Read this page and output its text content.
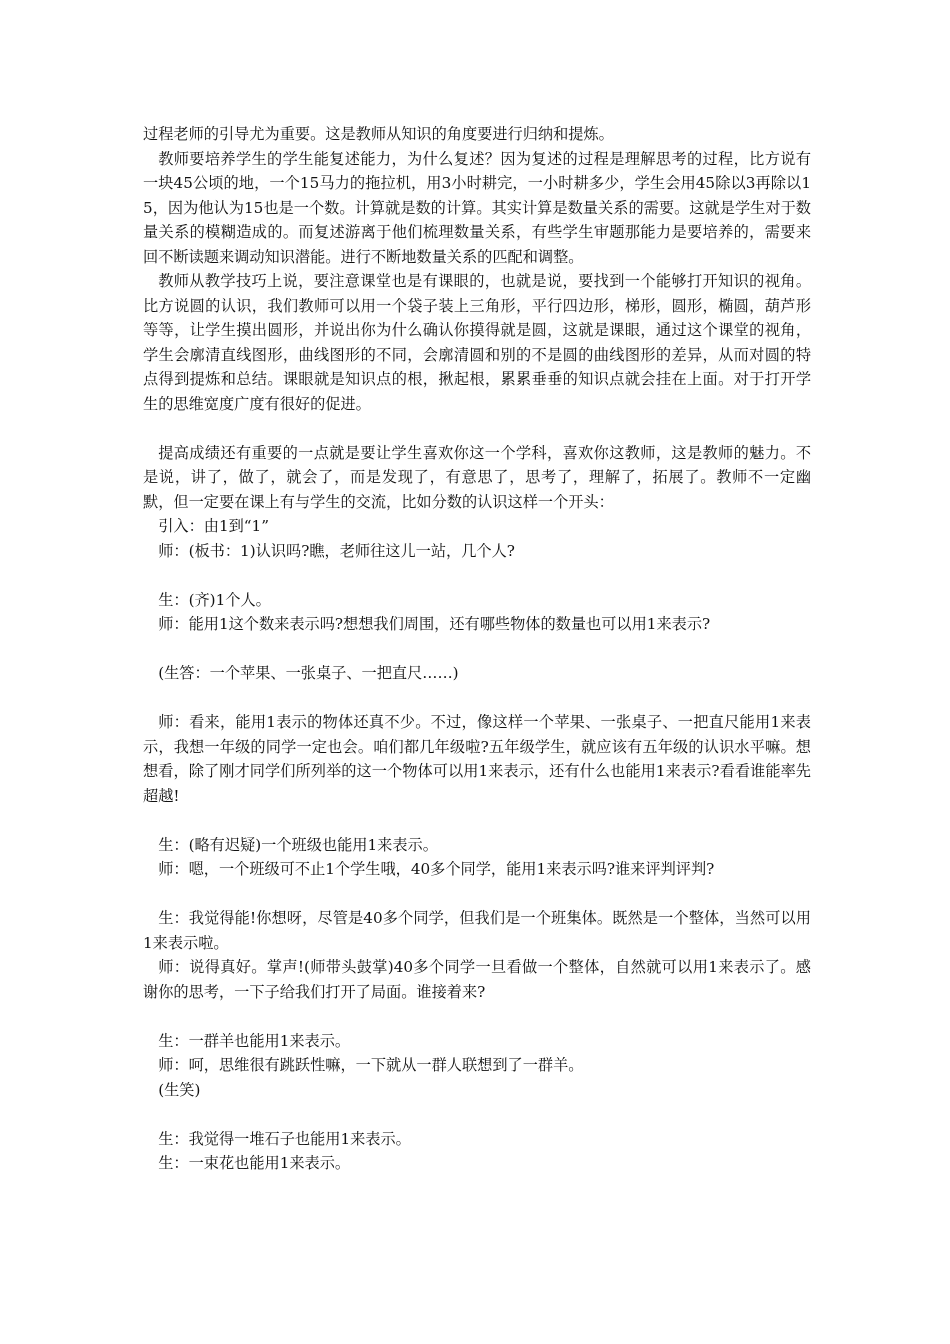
过程老师的引导尤为重要。这是教师从知识的角度要进行归纳和提炼。

教师要培养学生的学生能复述能力，为什么复述？因为复述的过程是理解思考的过程，比方说有一块45公顷的地，一个15马力的拖拉机，用3小时耕完，一小时耕多少，学生会用45除以3再除以15，因为他认为15也是一个数。计算就是数的计算。其实计算是数量关系的需要。这就是学生对于数量关系的模糊造成的。而复述游离于他们梳理数量关系，有些学生审题那能力是要培养的，需要来回不断读题来调动知识潜能。进行不断地数量关系的匹配和调整。

教师从教学技巧上说，要注意课堂也是有课眼的，也就是说，要找到一个能够打开知识的视角。比方说圆的认识，我们教师可以用一个袋子装上三角形，平行四边形，梯形，圆形，椭圆，葫芦形等等，让学生摸出圆形，并说出你为什么确认你摸得就是圆，这就是课眼，通过这个课堂的视角，学生会廓清直线图形，曲线图形的不同，会廓清圆和别的不是圆的曲线图形的差异，从而对圆的特点得到提炼和总结。课眼就是知识点的根，揪起根，累累垂垂的知识点就会挂在上面。对于打开学生的思维宽度广度有很好的促进。

提高成绩还有重要的一点就是要让学生喜欢你这一个学科，喜欢你这教师，这是教师的魅力。不是说，讲了，做了，就会了，而是发现了，有意思了，思考了，理解了，拓展了。教师不一定幽默，但一定要在课上有与学生的交流，比如分数的认识这样一个开头：

引入：由1到“1”

师：(板书：1)认识吗?瞧，老师往这儿一站，几个人?

生：(齐)1个人。

师：能用1这个数来表示吗?想想我们周围，还有哪些物体的数量也可以用1来表示?

(生答：一个苹果、一张桌子、一把直尺……)

师：看来，能用1表示的物体还真不少。不过，像这样一个苹果、一张桌子、一把直尺能用1来表示，我想一年级的同学一定也会。咱们都几年级啦?五年级学生，就应该有五年级的认识水平嘛。想想看，除了刚才同学们所列举的这一个物体可以用1来表示，还有什么也能用1来表示?看看谁能率先超越!

生：(略有迟疑)一个班级也能用1来表示。

师：嗯，一个班级可不止1个学生哦，40多个同学，能用1来表示吗?谁来评判评判?

生：我觉得能!你想呀，尽管是40多个同学，但我们是一个班集体。既然是一个整体，当然可以用1来表示啦。

师：说得真好。掌声!(师带头鼓掌)40多个同学一旦看做一个整体，自然就可以用1来表示了。感谢你的思考，一下子给我们打开了局面。谁接着来?

生：一群羊也能用1来表示。

师：呵，思维很有跳跃性嘛，一下就从一群人联想到了一群羊。

(生笑)

生：我觉得一堆石子也能用1来表示。

生：一束花也能用1来表示。
